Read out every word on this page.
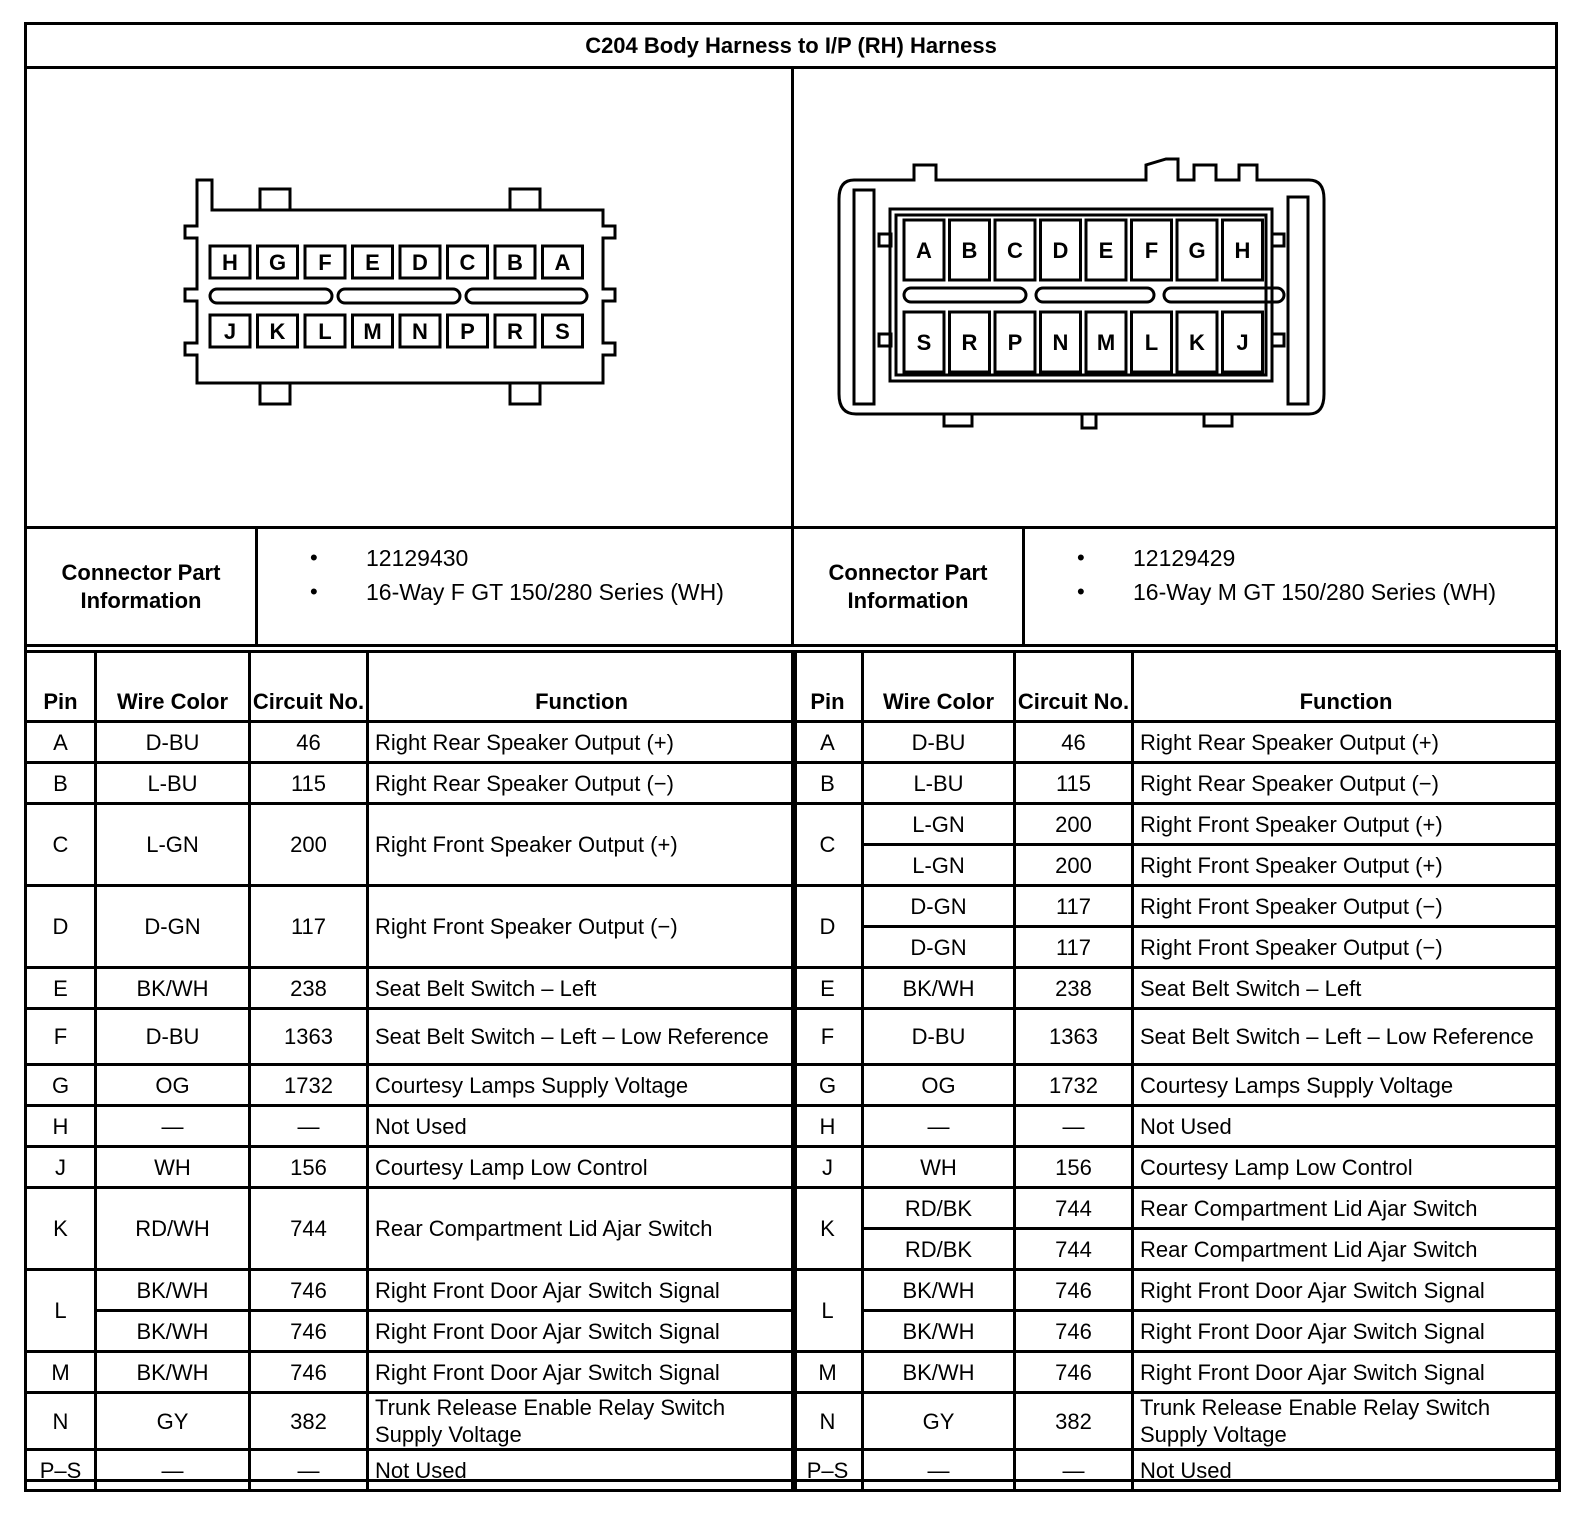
C204 Body Harness to I/P (RH) Harness
H
J
G
K
F
L
E
M
D
N
C
P
B
R
A
S
A
S
B
R
C
P
D
N
E
M
F
L
G
K
H
J
Connector Part Information
• 12129430
• 16-Way F GT 150/280 Series (WH)
Connector Part Information
• 12129429
• 16-Way M GT 150/280 Series (WH)
Pin	Wire Color	Circuit No.	Function
A	D-BU	46	Right Rear Speaker Output (+)
B	L-BU	115	Right Rear Speaker Output (−)
C	L-GN	200	Right Front Speaker Output (+)
D	D-GN	117	Right Front Speaker Output (−)
E	BK/WH	238	Seat Belt Switch – Left
F	D-BU	1363	Seat Belt Switch – Left – Low Reference
G	OG	1732	Courtesy Lamps Supply Voltage
H	—	—	Not Used
J	WH	156	Courtesy Lamp Low Control
K	RD/WH	744	Rear Compartment Lid Ajar Switch
L	BK/WH	746	Right Front Door Ajar Switch Signal
	BK/WH	746	Right Front Door Ajar Switch Signal
M	BK/WH	746	Right Front Door Ajar Switch Signal
N	GY	382	Trunk Release Enable Relay Switch Supply Voltage
P–S	—	—	Not Used
Pin	Wire Color	Circuit No.	Function
A	D-BU	46	Right Rear Speaker Output (+)
B	L-BU	115	Right Rear Speaker Output (−)
C	L-GN	200	Right Front Speaker Output (+)
	L-GN	200	Right Front Speaker Output (+)
D	D-GN	117	Right Front Speaker Output (−)
	D-GN	117	Right Front Speaker Output (−)
E	BK/WH	238	Seat Belt Switch – Left
F	D-BU	1363	Seat Belt Switch – Left – Low Reference
G	OG	1732	Courtesy Lamps Supply Voltage
H	—	—	Not Used
J	WH	156	Courtesy Lamp Low Control
K	RD/BK	744	Rear Compartment Lid Ajar Switch
	RD/BK	744	Rear Compartment Lid Ajar Switch
L	BK/WH	746	Right Front Door Ajar Switch Signal
	BK/WH	746	Right Front Door Ajar Switch Signal
M	BK/WH	746	Right Front Door Ajar Switch Signal
N	GY	382	Trunk Release Enable Relay Switch Supply Voltage
P–S	—	—	Not Used
